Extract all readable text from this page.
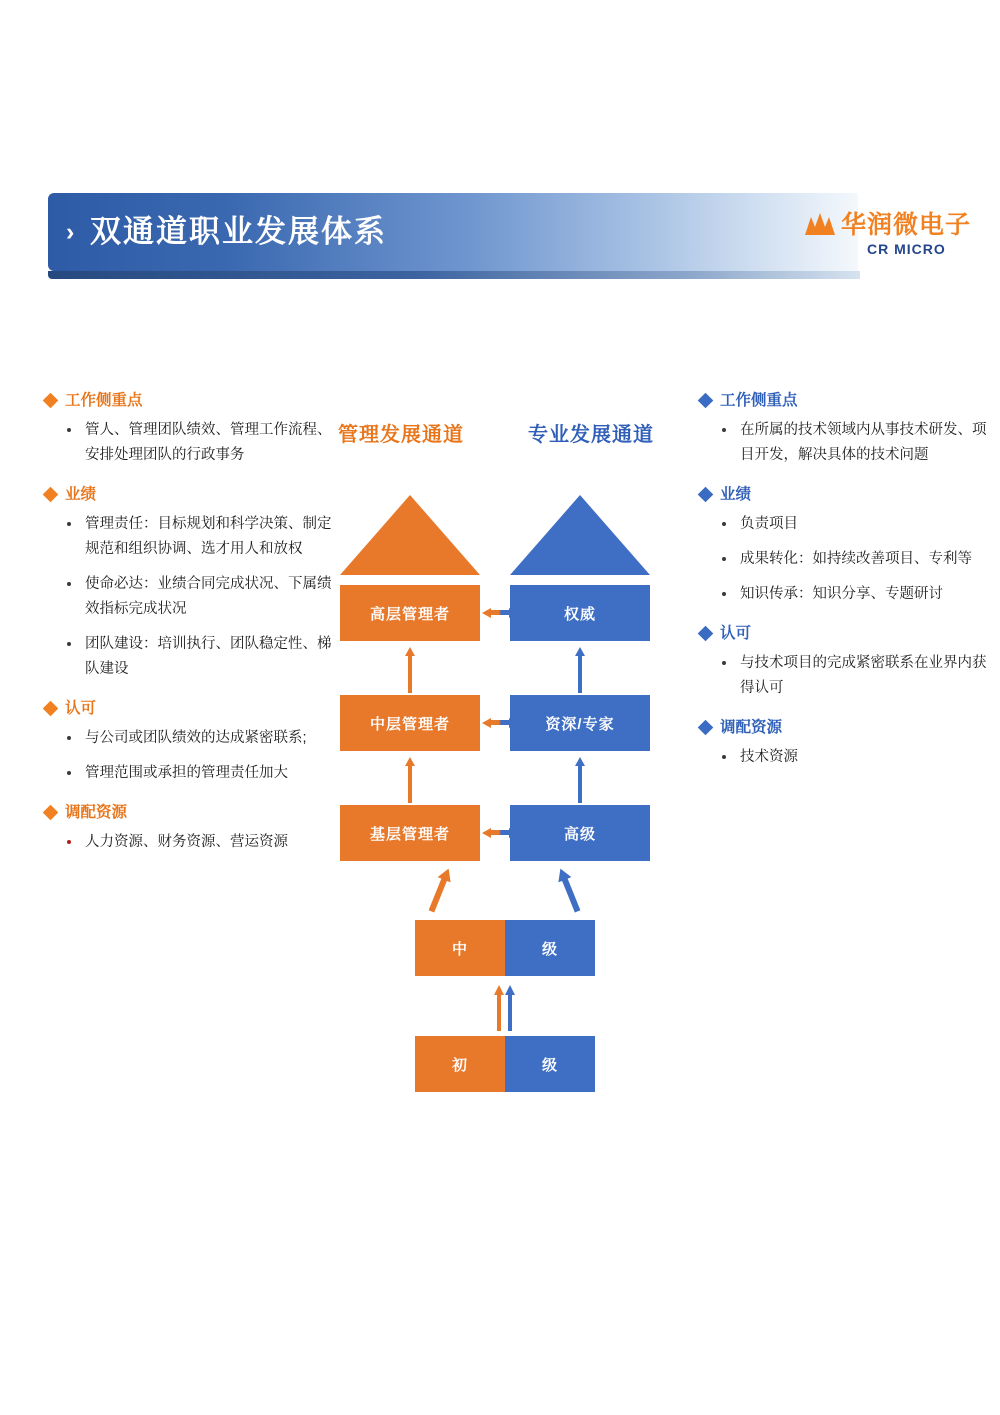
› 双通道职业发展体系	华润微电子
CR MICRO
工作侧重点
管人、管理团队绩效、管理工作流程、安排处理团队的行政事务
业绩
管理责任：目标规划和科学决策、制定规范和组织协调、选才用人和放权
使命必达：业绩合同完成状况、下属绩效指标完成状况
团队建设：培训执行、团队稳定性、梯队建设
认可
与公司或团队绩效的达成紧密联系;
管理范围或承担的管理责任加大
调配资源
人力资源、财务资源、营运资源
工作侧重点
在所属的技术领域内从事技术研发、项目开发，解决具体的技术问题
业绩
负责项目
成果转化：如持续改善项目、专利等
知识传承：知识分享、专题研讨
认可
与技术项目的完成紧密联系在业界内获得认可
调配资源
技术资源
管理发展通道	专业发展通道
高层管理者	权威
中层管理者	资深/专家
基层管理者	高级
中	级
初	级
